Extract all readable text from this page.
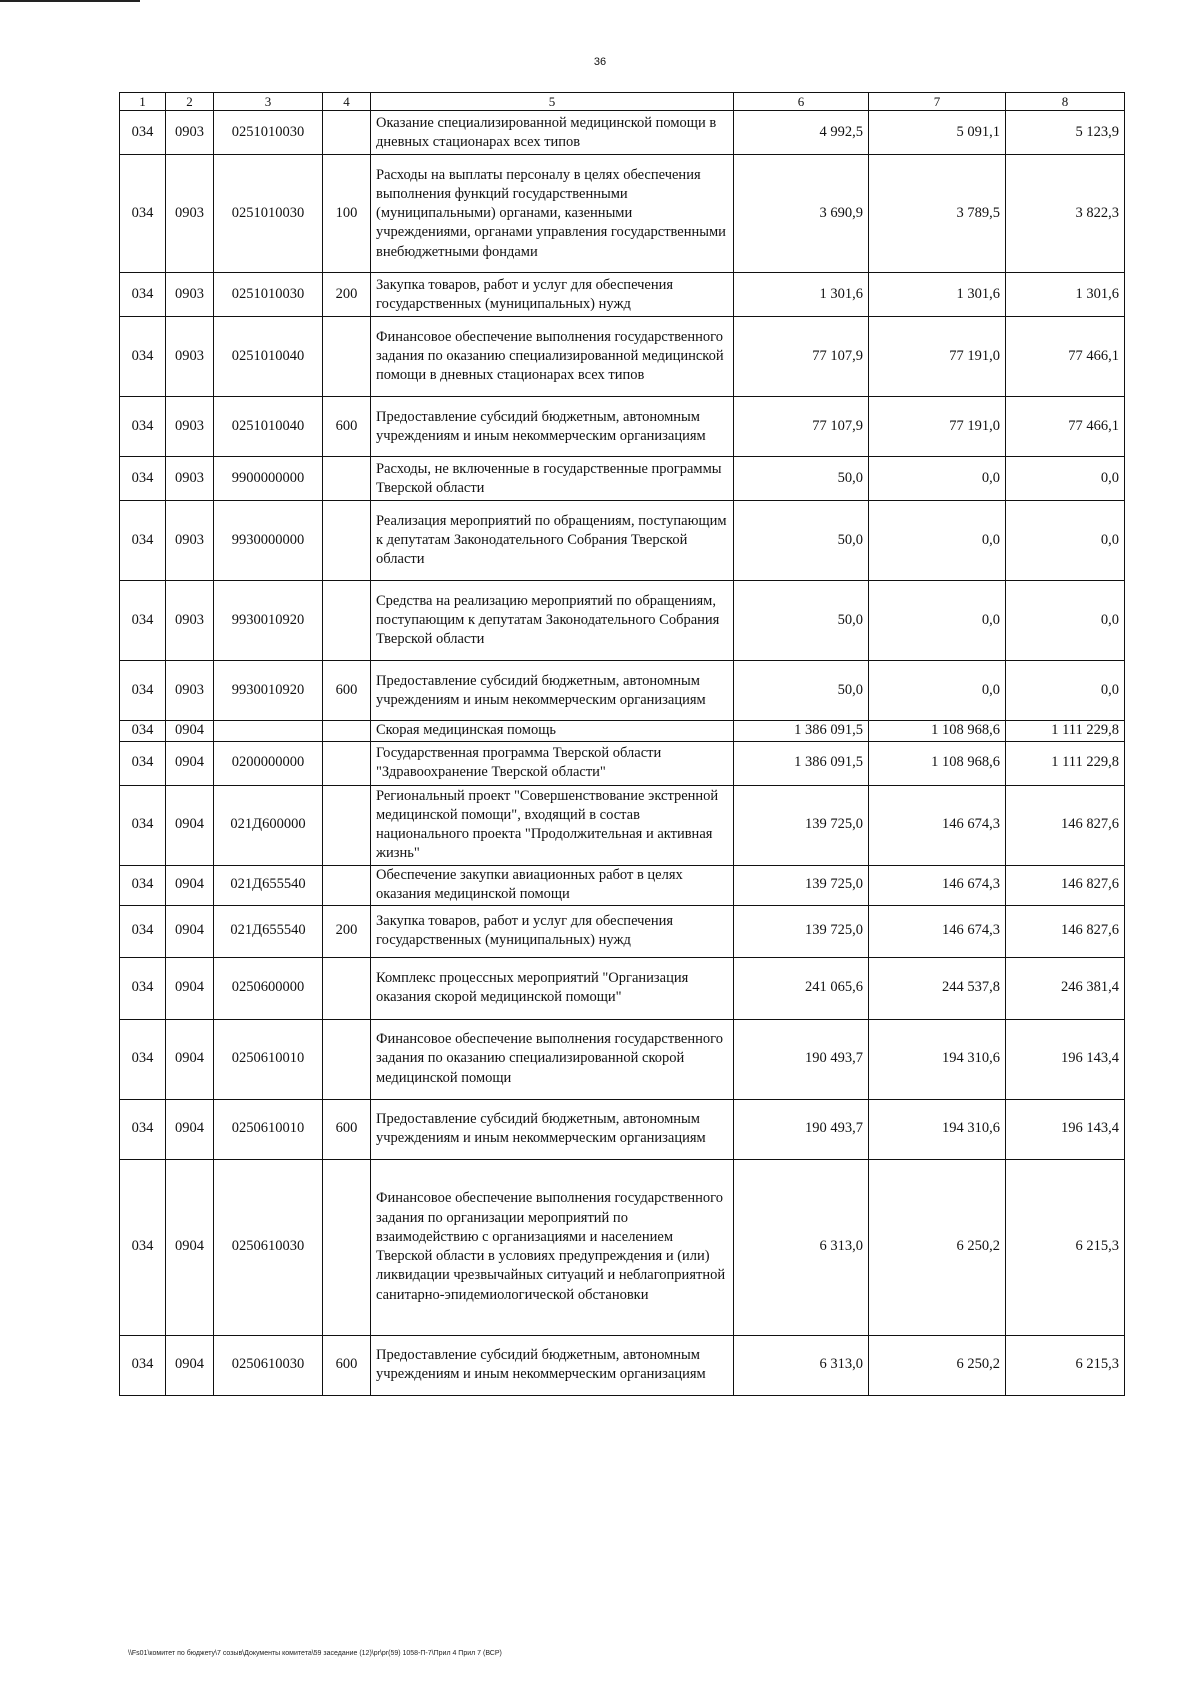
36
1	2	3	4	5	6	7	8
034	0903	0251010030		Оказание специализированной медицинской помощи в дневных стационарах всех типов	4 992,5	5 091,1	5 123,9
034	0903	0251010030	100	Расходы на выплаты персоналу в целях обеспечения выполнения функций государственными (муниципальными) органами, казенными учреждениями, органами управления государственными внебюджетными фондами	3 690,9	3 789,5	3 822,3
034	0903	0251010030	200	Закупка товаров, работ и услуг для обеспечения государственных (муниципальных) нужд	1 301,6	1 301,6	1 301,6
034	0903	0251010040		Финансовое обеспечение выполнения государственного задания по оказанию специализированной медицинской помощи в дневных стационарах всех типов	77 107,9	77 191,0	77 466,1
034	0903	0251010040	600	Предоставление субсидий бюджетным, автономным учреждениям и иным некоммерческим организациям	77 107,9	77 191,0	77 466,1
034	0903	9900000000		Расходы, не включенные в государственные программы Тверской области	50,0	0,0	0,0
034	0903	9930000000		Реализация мероприятий по обращениям, поступающим к депутатам Законодательного Собрания Тверской области	50,0	0,0	0,0
034	0903	9930010920		Средства на реализацию мероприятий по обращениям, поступающим к депутатам Законодательного Собрания Тверской области	50,0	0,0	0,0
034	0903	9930010920	600	Предоставление субсидий бюджетным, автономным учреждениям и иным некоммерческим организациям	50,0	0,0	0,0
034	0904			Скорая медицинская помощь	1 386 091,5	1 108 968,6	1 111 229,8
034	0904	0200000000		Государственная программа Тверской области "Здравоохранение Тверской области"	1 386 091,5	1 108 968,6	1 111 229,8
034	0904	021Д600000		Региональный проект "Совершенствование экстренной медицинской помощи", входящий в состав национального проекта "Продолжительная и активная жизнь"	139 725,0	146 674,3	146 827,6
034	0904	021Д655540		Обеспечение закупки авиационных работ в целях оказания медицинской помощи	139 725,0	146 674,3	146 827,6
034	0904	021Д655540	200	Закупка товаров, работ и услуг для обеспечения государственных (муниципальных) нужд	139 725,0	146 674,3	146 827,6
034	0904	0250600000		Комплекс процессных мероприятий "Организация оказания скорой медицинской помощи"	241 065,6	244 537,8	246 381,4
034	0904	0250610010		Финансовое обеспечение выполнения государственного задания по оказанию специализированной скорой медицинской помощи	190 493,7	194 310,6	196 143,4
034	0904	0250610010	600	Предоставление субсидий бюджетным, автономным учреждениям и иным некоммерческим организациям	190 493,7	194 310,6	196 143,4
034	0904	0250610030		Финансовое обеспечение выполнения государственного задания по организации мероприятий по взаимодействию с организациями и населением Тверской области в условиях предупреждения и (или) ликвидации чрезвычайных ситуаций и неблагоприятной санитарно-эпидемиологической обстановки	6 313,0	6 250,2	6 215,3
034	0904	0250610030	600	Предоставление субсидий бюджетным, автономным учреждениям и иным некоммерческим организациям	6 313,0	6 250,2	6 215,3
\\Fs01\комитет по бюджету\7 созыв\Документы комитета\59 заседание (12)\pr\pr(59) 1058-П-7\Прил 4 Прил 7 (ВСР)
